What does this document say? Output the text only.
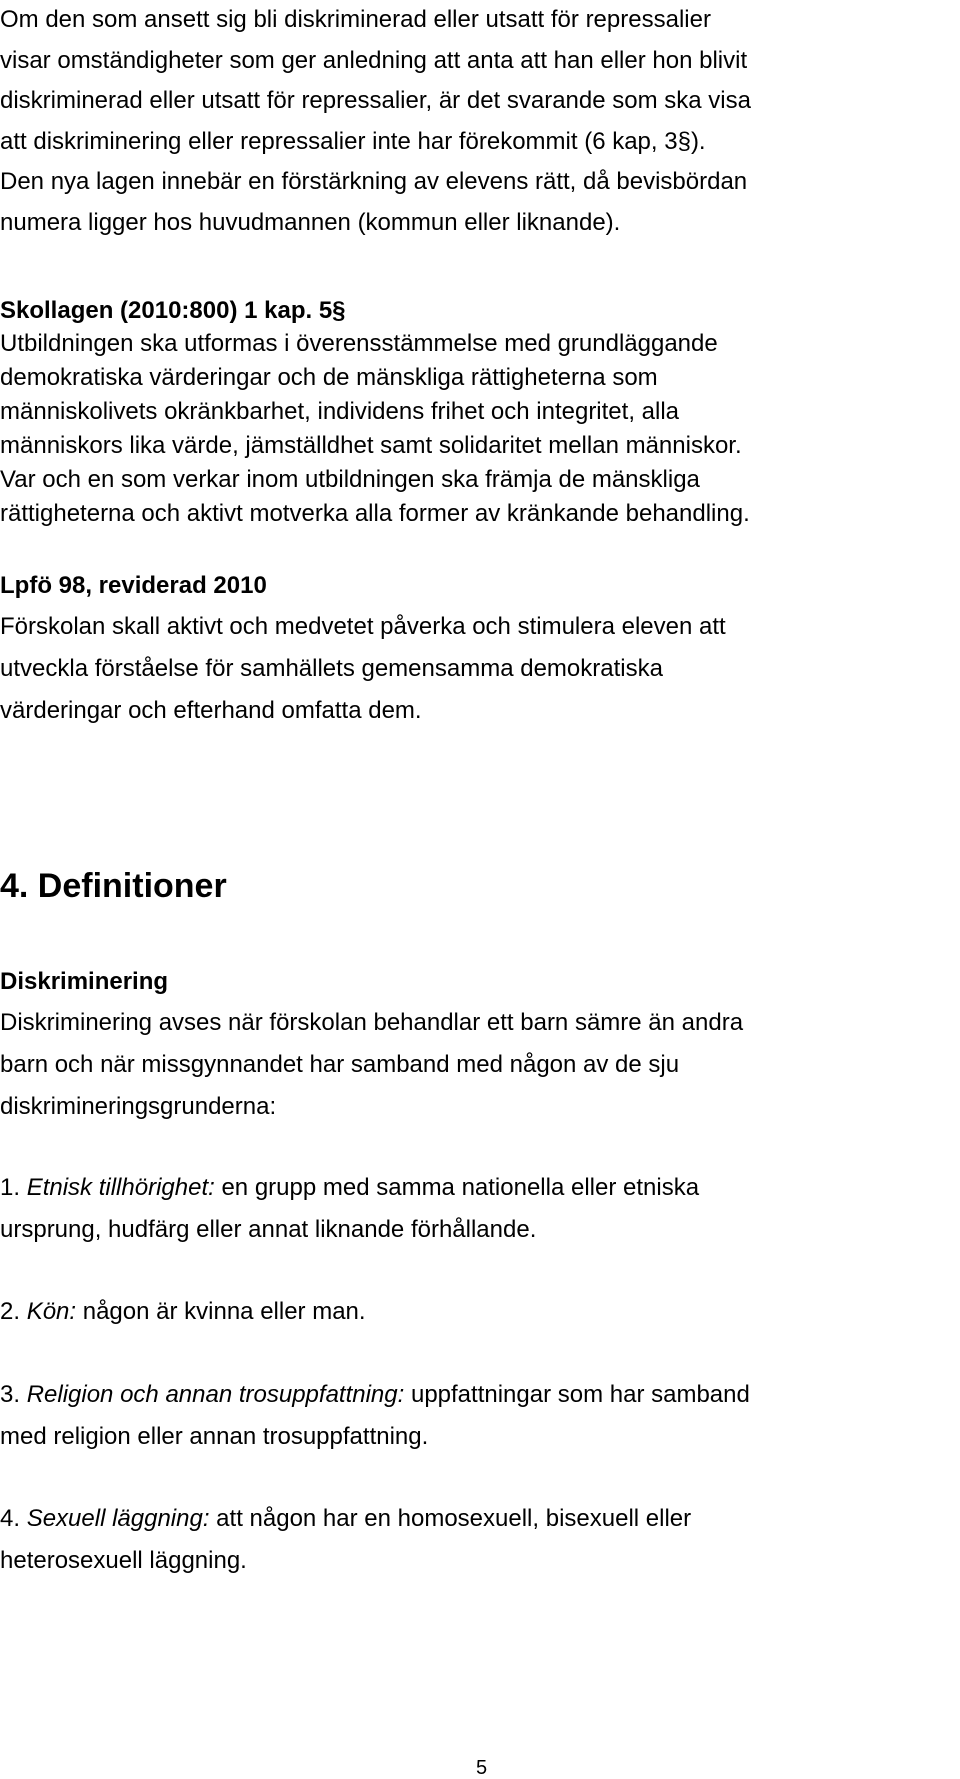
Om den som ansett sig bli diskriminerad eller utsatt för repressalier

visar omständigheter som ger anledning att anta att han eller hon blivit

diskriminerad eller utsatt för repressalier, är det svarande som ska visa

att diskriminering eller repressalier inte har förekommit (6 kap, 3§).

Den nya lagen innebär en förstärkning av elevens rätt, då bevisbördan

numera ligger hos huvudmannen (kommun eller liknande).

Skollagen (2010:800) 1 kap. 5§

Utbildningen ska utformas i överensstämmelse med grundläggande

demokratiska värderingar och de mänskliga rättigheterna som

människolivets okränkbarhet, individens frihet och integritet, alla

människors lika värde, jämställdhet samt solidaritet mellan människor.

Var och en som verkar inom utbildningen ska främja de mänskliga

rättigheterna och aktivt motverka alla former av kränkande behandling.

Lpfö 98, reviderad 2010

Förskolan skall aktivt och medvetet påverka och stimulera eleven att

utveckla förståelse för samhällets gemensamma demokratiska

värderingar och efterhand omfatta dem.

4. Definitioner
Diskriminering

Diskriminering avses när förskolan behandlar ett barn sämre än andra

barn och när missgynnandet har samband med någon av de sju

diskrimineringsgrunderna:

1. Etnisk tillhörighet: en grupp med samma nationella eller etniska

ursprung, hudfärg eller annat liknande förhållande.

2. Kön: någon är kvinna eller man.

3. Religion och annan trosuppfattning: uppfattningar som har samband

med religion eller annan trosuppfattning.

4. Sexuell läggning: att någon har en homosexuell, bisexuell eller

heterosexuell läggning.

5
